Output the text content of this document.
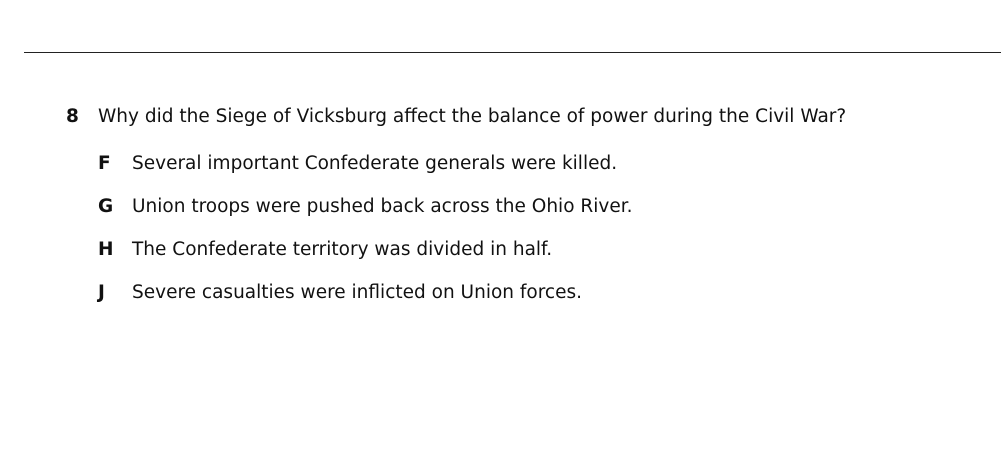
8	Why did the Siege of Vicksburg affect the balance of power during the Civil War?
F	Several important Confederate generals were killed.
G	Union troops were pushed back across the Ohio River.
H	The Confederate territory was divided in half.
J	Severe casualties were inflicted on Union forces.
